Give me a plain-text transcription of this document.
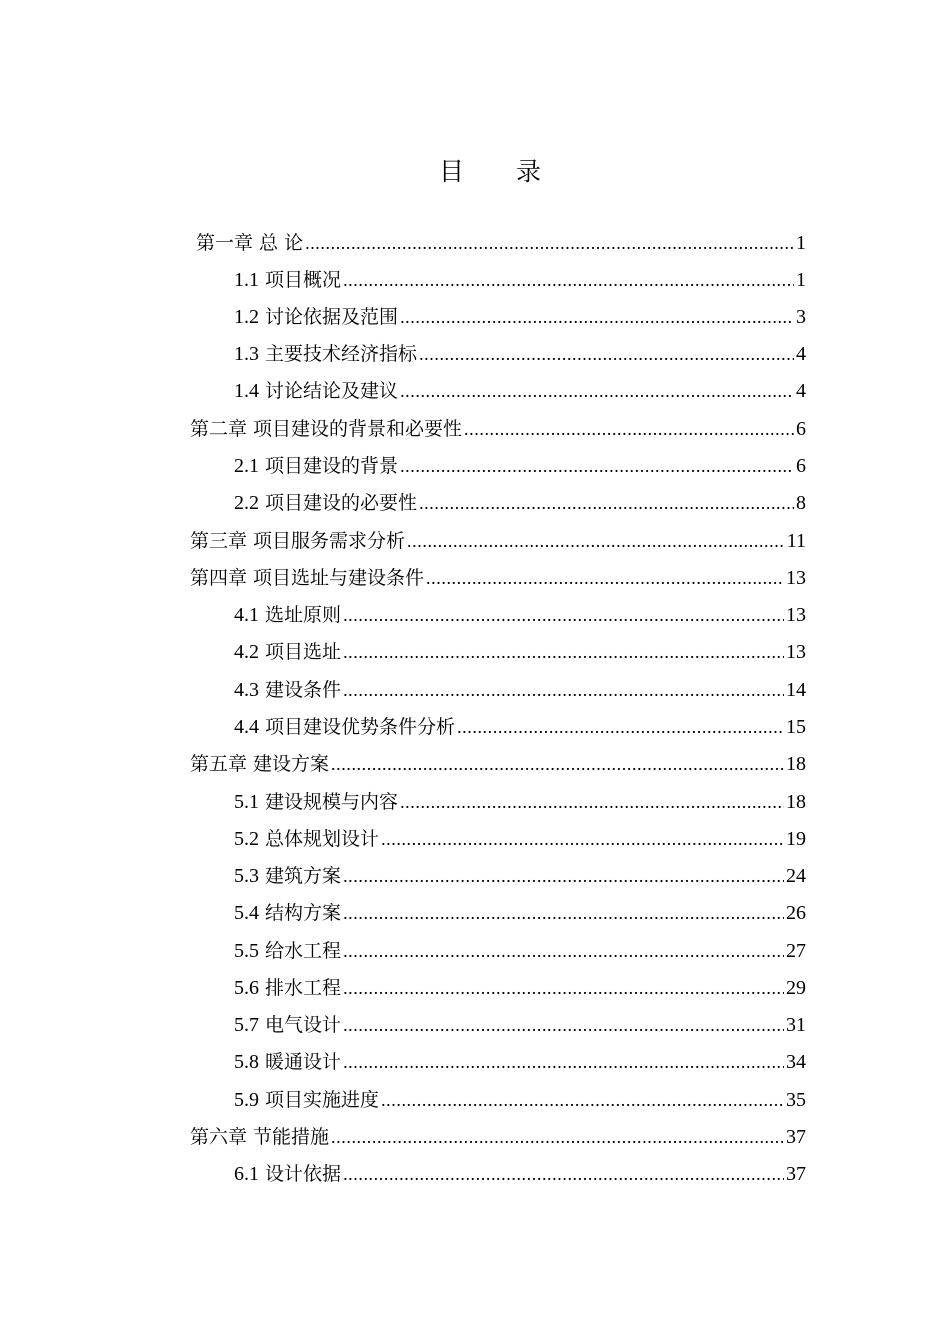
目 录
第一章 总 论 .....	1
1.1 项目概况 .....	1
1.2 讨论依据及范围 .....	3
1.3 主要技术经济指标 .....	4
1.4 讨论结论及建议 .....	4
第二章 项目建设的背景和必要性 .....	6
2.1 项目建设的背景 .....	6
2.2 项目建设的必要性 .....	8
第三章 项目服务需求分析 .....	11
第四章 项目选址与建设条件 .....	13
4.1 选址原则 .....	13
4.2 项目选址 .....	13
4.3 建设条件 .....	14
4.4 项目建设优势条件分析 .....	15
第五章 建设方案 .....	18
5.1 建设规模与内容 .....	18
5.2 总体规划设计 .....	19
5.3 建筑方案 .....	24
5.4 结构方案 .....	26
5.5 给水工程 .....	27
5.6 排水工程 .....	29
5.7 电气设计 .....	31
5.8 暖通设计 .....	34
5.9 项目实施进度 .....	35
第六章 节能措施 .....	37
6.1 设计依据 .....	37
